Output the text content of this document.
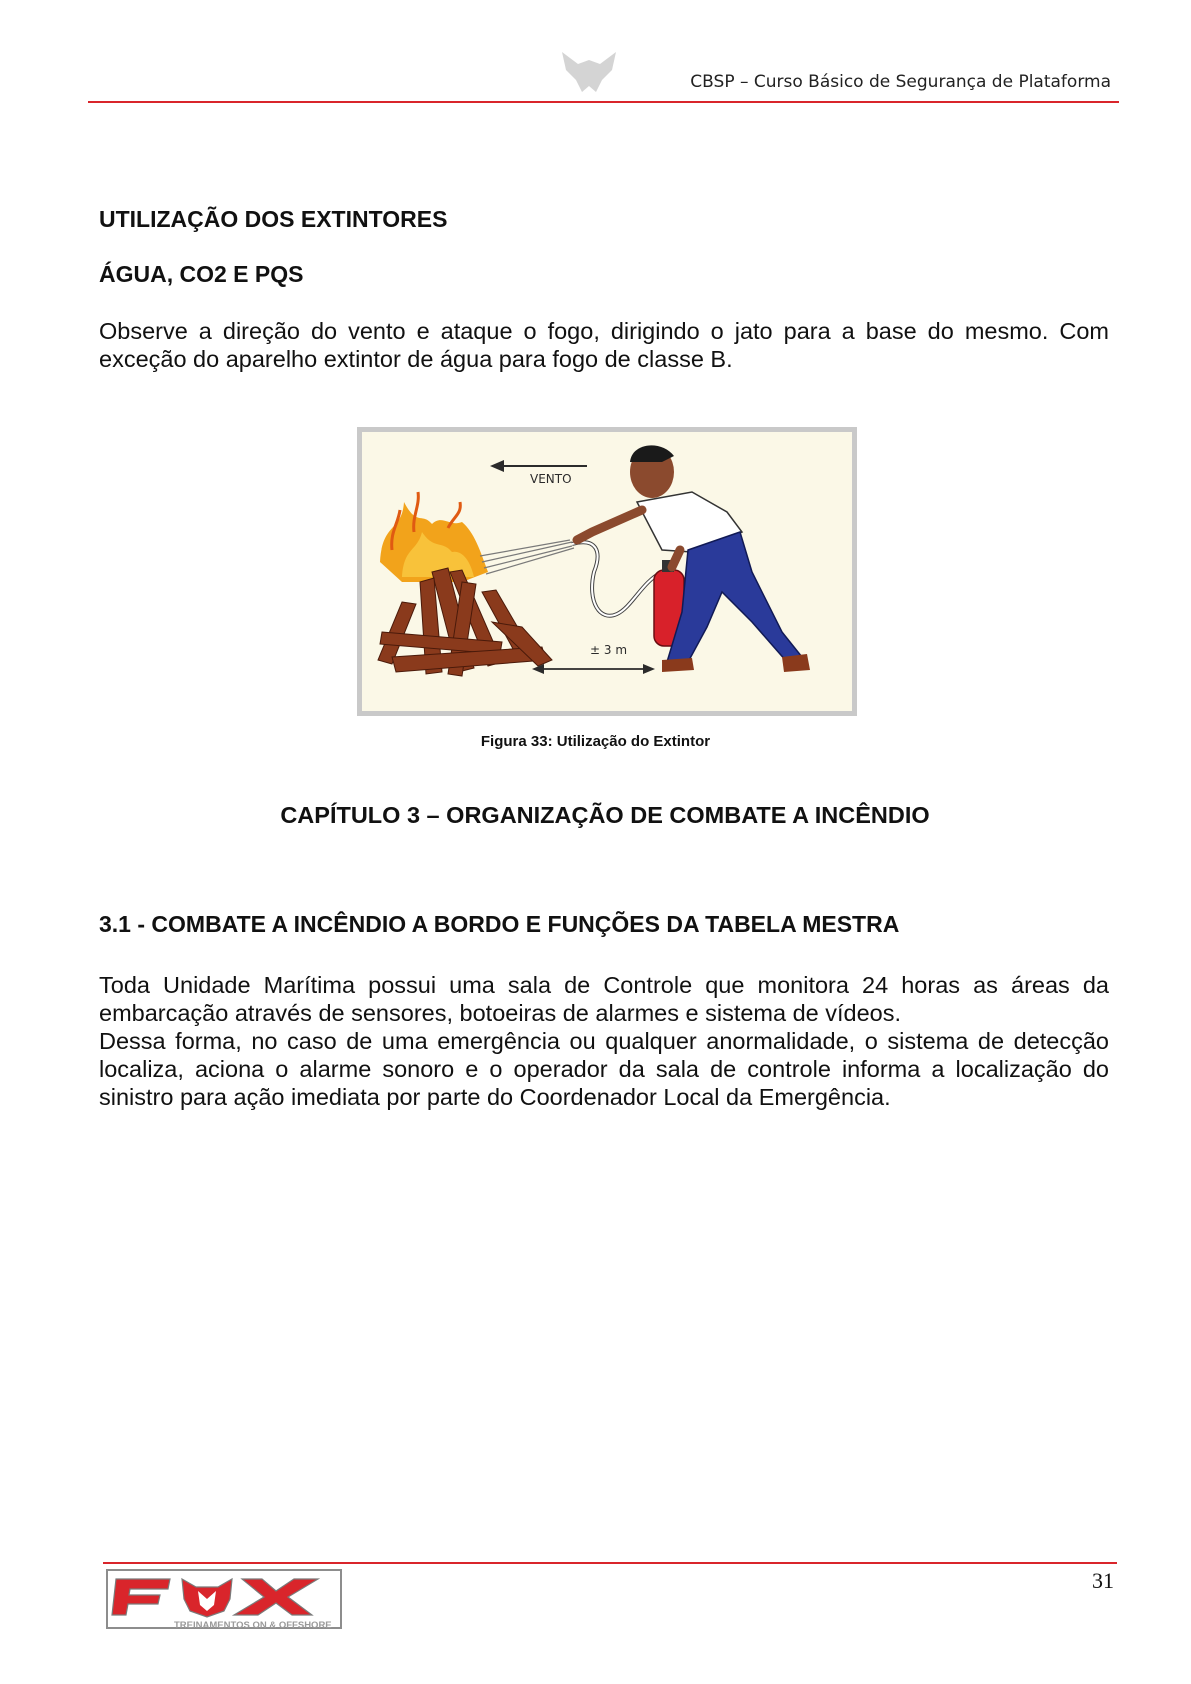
CBSP – Curso Básico de Segurança de Plataforma
UTILIZAÇÃO DOS EXTINTORES
ÁGUA, CO2 E PQS

Observe a direção do vento e ataque o fogo, dirigindo o jato para a base do mesmo. Com exceção do aparelho extintor de água para fogo de classe B.

VENTO
± 3 m
Figura 33: Utilização do Extintor
CAPÍTULO 3 – ORGANIZAÇÃO DE COMBATE A INCÊNDIO
3.1 - COMBATE A INCÊNDIO A BORDO E FUNÇÕES DA TABELA MESTRA

Toda Unidade Marítima possui uma sala de Controle que monitora 24 horas as áreas da embarcação através de sensores, botoeiras de alarmes e sistema de vídeos.

Dessa forma, no caso de uma emergência ou qualquer anormalidade, o sistema de detecção localiza, aciona o alarme sonoro e o operador da sala de controle informa a localização do sinistro para ação imediata por parte do Coordenador Local da Emergência.

31
TREINAMENTOS ON & OFFSHORE
